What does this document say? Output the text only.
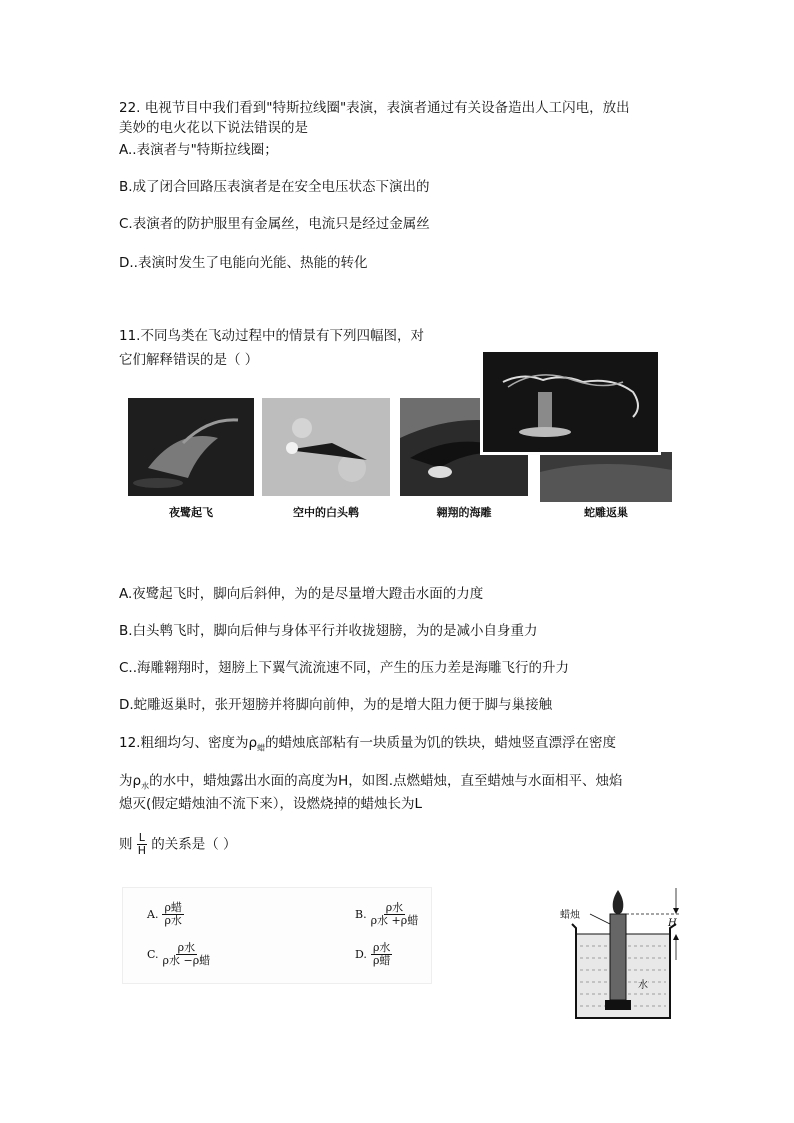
22. 电视节目中我们看到"特斯拉线圈"表演，表演者通过有关设备造出人工闪电，放出
美妙的电火花以下说法错误的是
A..表演者与"特斯拉线圈；
B.成了闭合回路压表演者是在安全电压状态下演出的
C.表演者的防护服里有金属丝，电流只是经过金属丝
D..表演时发生了电能向光能、热能的转化
11.不同鸟类在飞动过程中的情景有下列四幅图，对
它们解释错误的是（ ）
夜鹭起飞	空中的白头鹎	翱翔的海雕	蛇雕返巢
A.夜鹭起飞时，脚向后斜伸，为的是尽量增大蹬击水面的力度
B.白头鹎飞时，脚向后伸与身体平行并收拢翅膀，为的是减小自身重力
C..海雕翱翔时，翅膀上下翼气流流速不同，产生的压力差是海雕飞行的升力
D.蛇雕返巢时，张开翅膀并将脚向前伸，为的是增大阻力便于脚与巢接触
12.粗细均匀、密度为$\rho_蜡$的蜡烛底部粘有一块质量为饥的铁块，蜡烛竖直漂浮在密度
为$\rho_水$的水中，蜡烛露出水面的高度为H，如图.点燃蜡烛，直至蜡烛与水面相平、烛焰
熄灭(假定蜡烛油不流下来），设燃烧掉的蜡烛长为L
则 $\frac{L}{H}$ 的关系是（ ）
A. $\frac{\text{ρ蜡}}{\text{ρ水}}$	B. $\frac{\text{ρ水}}{\text{ρ水 +ρ蜡}}$
C. $\frac{\text{ρ水}}{\text{ρ水 −ρ蜡}}$	D. $\frac{\text{ρ水}}{\text{ρ蜡}}$
蜡烛
H
水
